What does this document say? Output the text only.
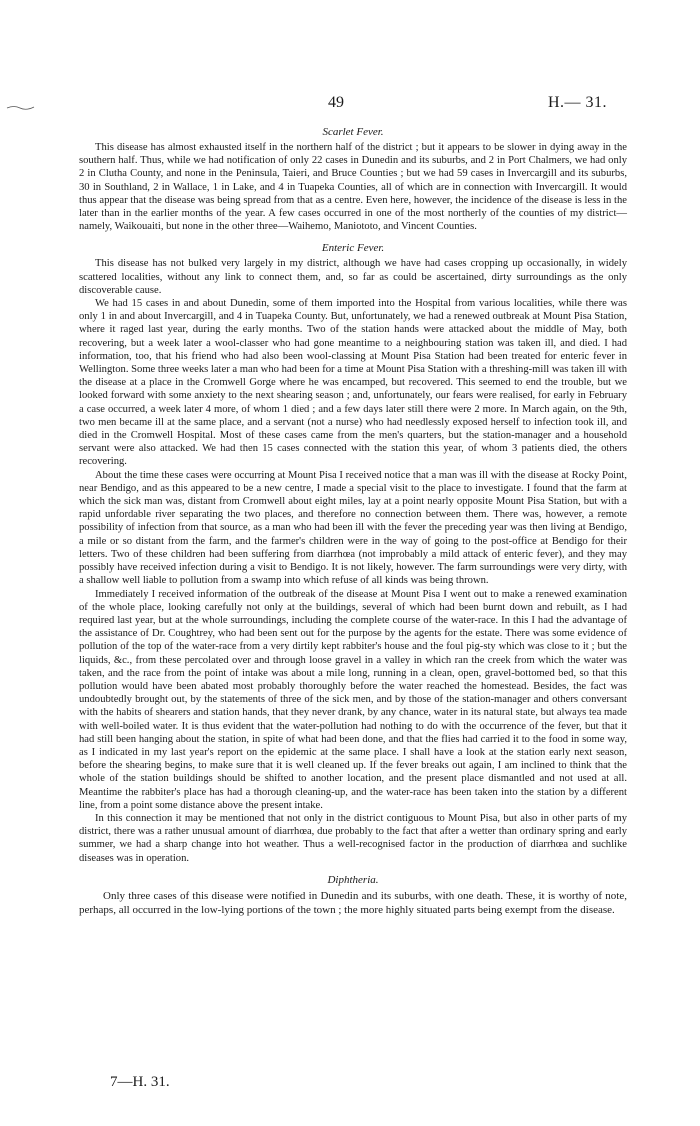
49	H.— 31.
Scarlet Fever.

This disease has almost exhausted itself in the northern half of the district ; but it appears to be slower in dying away in the southern half. Thus, while we had notification of only 22 cases in Dunedin and its suburbs, and 2 in Port Chalmers, we had only 2 in Clutha County, and none in the Peninsula, Taieri, and Bruce Counties ; but we had 59 cases in Invercargill and its suburbs, 30 in Southland, 2 in Wallace, 1 in Lake, and 4 in Tuapeka Counties, all of which are in connection with Invercargill. It would thus appear that the disease was being spread from that as a centre. Even here, however, the incidence of the disease is less in the later than in the earlier months of the year. A few cases occurred in one of the most northerly of the counties of my district—namely, Waikouaiti, but none in the other three—Waihemo, Maniototo, and Vincent Counties.

Enteric Fever.

This disease has not bulked very largely in my district, although we have had cases cropping up occasionally, in widely scattered localities, without any link to connect them, and, so far as could be ascertained, dirty surroundings as the only discoverable cause.

We had 15 cases in and about Dunedin, some of them imported into the Hospital from various localities, while there was only 1 in and about Invercargill, and 4 in Tuapeka County. But, unfortunately, we had a renewed outbreak at Mount Pisa Station, where it raged last year, during the early months. Two of the station hands were attacked about the middle of May, both recovering, but a week later a wool-classer who had gone meantime to a neighbouring station was taken ill, and died. I had information, too, that his friend who had also been wool-classing at Mount Pisa Station had been treated for enteric fever in Wellington. Some three weeks later a man who had been for a time at Mount Pisa Station with a threshing-mill was taken ill with the disease at a place in the Cromwell Gorge where he was encamped, but recovered. This seemed to end the trouble, but we looked forward with some anxiety to the next shearing season ; and, unfortunately, our fears were realised, for early in February a case occurred, a week later 4 more, of whom 1 died ; and a few days later still there were 2 more. In March again, on the 9th, two men became ill at the same place, and a servant (not a nurse) who had needlessly exposed herself to infection took ill, and died in the Cromwell Hospital. Most of these cases came from the men's quarters, but the station-manager and a household servant were also attacked. We had then 15 cases connected with the station this year, of whom 3 patients died, the others recovering.

About the time these cases were occurring at Mount Pisa I received notice that a man was ill with the disease at Rocky Point, near Bendigo, and as this appeared to be a new centre, I made a special visit to the place to investigate. I found that the farm at which the sick man was, distant from Cromwell about eight miles, lay at a point nearly opposite Mount Pisa Station, but with a rapid unfordable river separating the two places, and therefore no connection between them. There was, however, a remote possibility of infection from that source, as a man who had been ill with the fever the preceding year was then living at Bendigo, a mile or so distant from the farm, and the farmer's children were in the way of going to the post-office at Bendigo for their letters. Two of these children had been suffering from diarrhœa (not improbably a mild attack of enteric fever), and they may possibly have received infection during a visit to Bendigo. It is not likely, however. The farm surroundings were very dirty, with a shallow well liable to pollution from a swamp into which refuse of all kinds was being thrown.

Immediately I received information of the outbreak of the disease at Mount Pisa I went out to make a renewed examination of the whole place, looking carefully not only at the buildings, several of which had been burnt down and rebuilt, as I had required last year, but at the whole surroundings, including the complete course of the water-race. In this I had the advantage of the assistance of Dr. Coughtrey, who had been sent out for the purpose by the agents for the estate. There was some evidence of pollution of the top of the water-race from a very dirtily kept rabbiter's house and the foul pig-sty which was close to it ; but the liquids, &c., from these percolated over and through loose gravel in a valley in which ran the creek from which the water was taken, and the race from the point of intake was about a mile long, running in a clean, open, gravel-bottomed bed, so that this pollution would have been abated most probably thoroughly before the water reached the homestead. Besides, the fact was undoubtedly brought out, by the statements of three of the sick men, and by those of the station-manager and others conversant with the habits of shearers and station hands, that they never drank, by any chance, water in its natural state, but always tea made with well-boiled water. It is thus evident that the water-pollution had nothing to do with the occurrence of the fever, but that it had still been hanging about the station, in spite of what had been done, and that the flies had carried it to the food in some way, as I indicated in my last year's report on the epidemic at the same place. I shall have a look at the station early next season, before the shearing begins, to make sure that it is well cleaned up. If the fever breaks out again, I am inclined to think that the whole of the station buildings should be shifted to another location, and the present place dismantled and not used at all. Meantime the rabbiter's place has had a thorough cleaning-up, and the water-race has been taken into the station by a different line, from a point some distance above the present intake.

In this connection it may be mentioned that not only in the district contiguous to Mount Pisa, but also in other parts of my district, there was a rather unusual amount of diarrhœa, due probably to the fact that after a wetter than ordinary spring and early summer, we had a sharp change into hot weather. Thus a well-recognised factor in the production of diarrhœa and suchlike diseases was in operation.

Diphtheria.

Only three cases of this disease were notified in Dunedin and its suburbs, with one death. These, it is worthy of note, perhaps, all occurred in the low-lying portions of the town ; the more highly situated parts being exempt from the disease.

7—H. 31.
